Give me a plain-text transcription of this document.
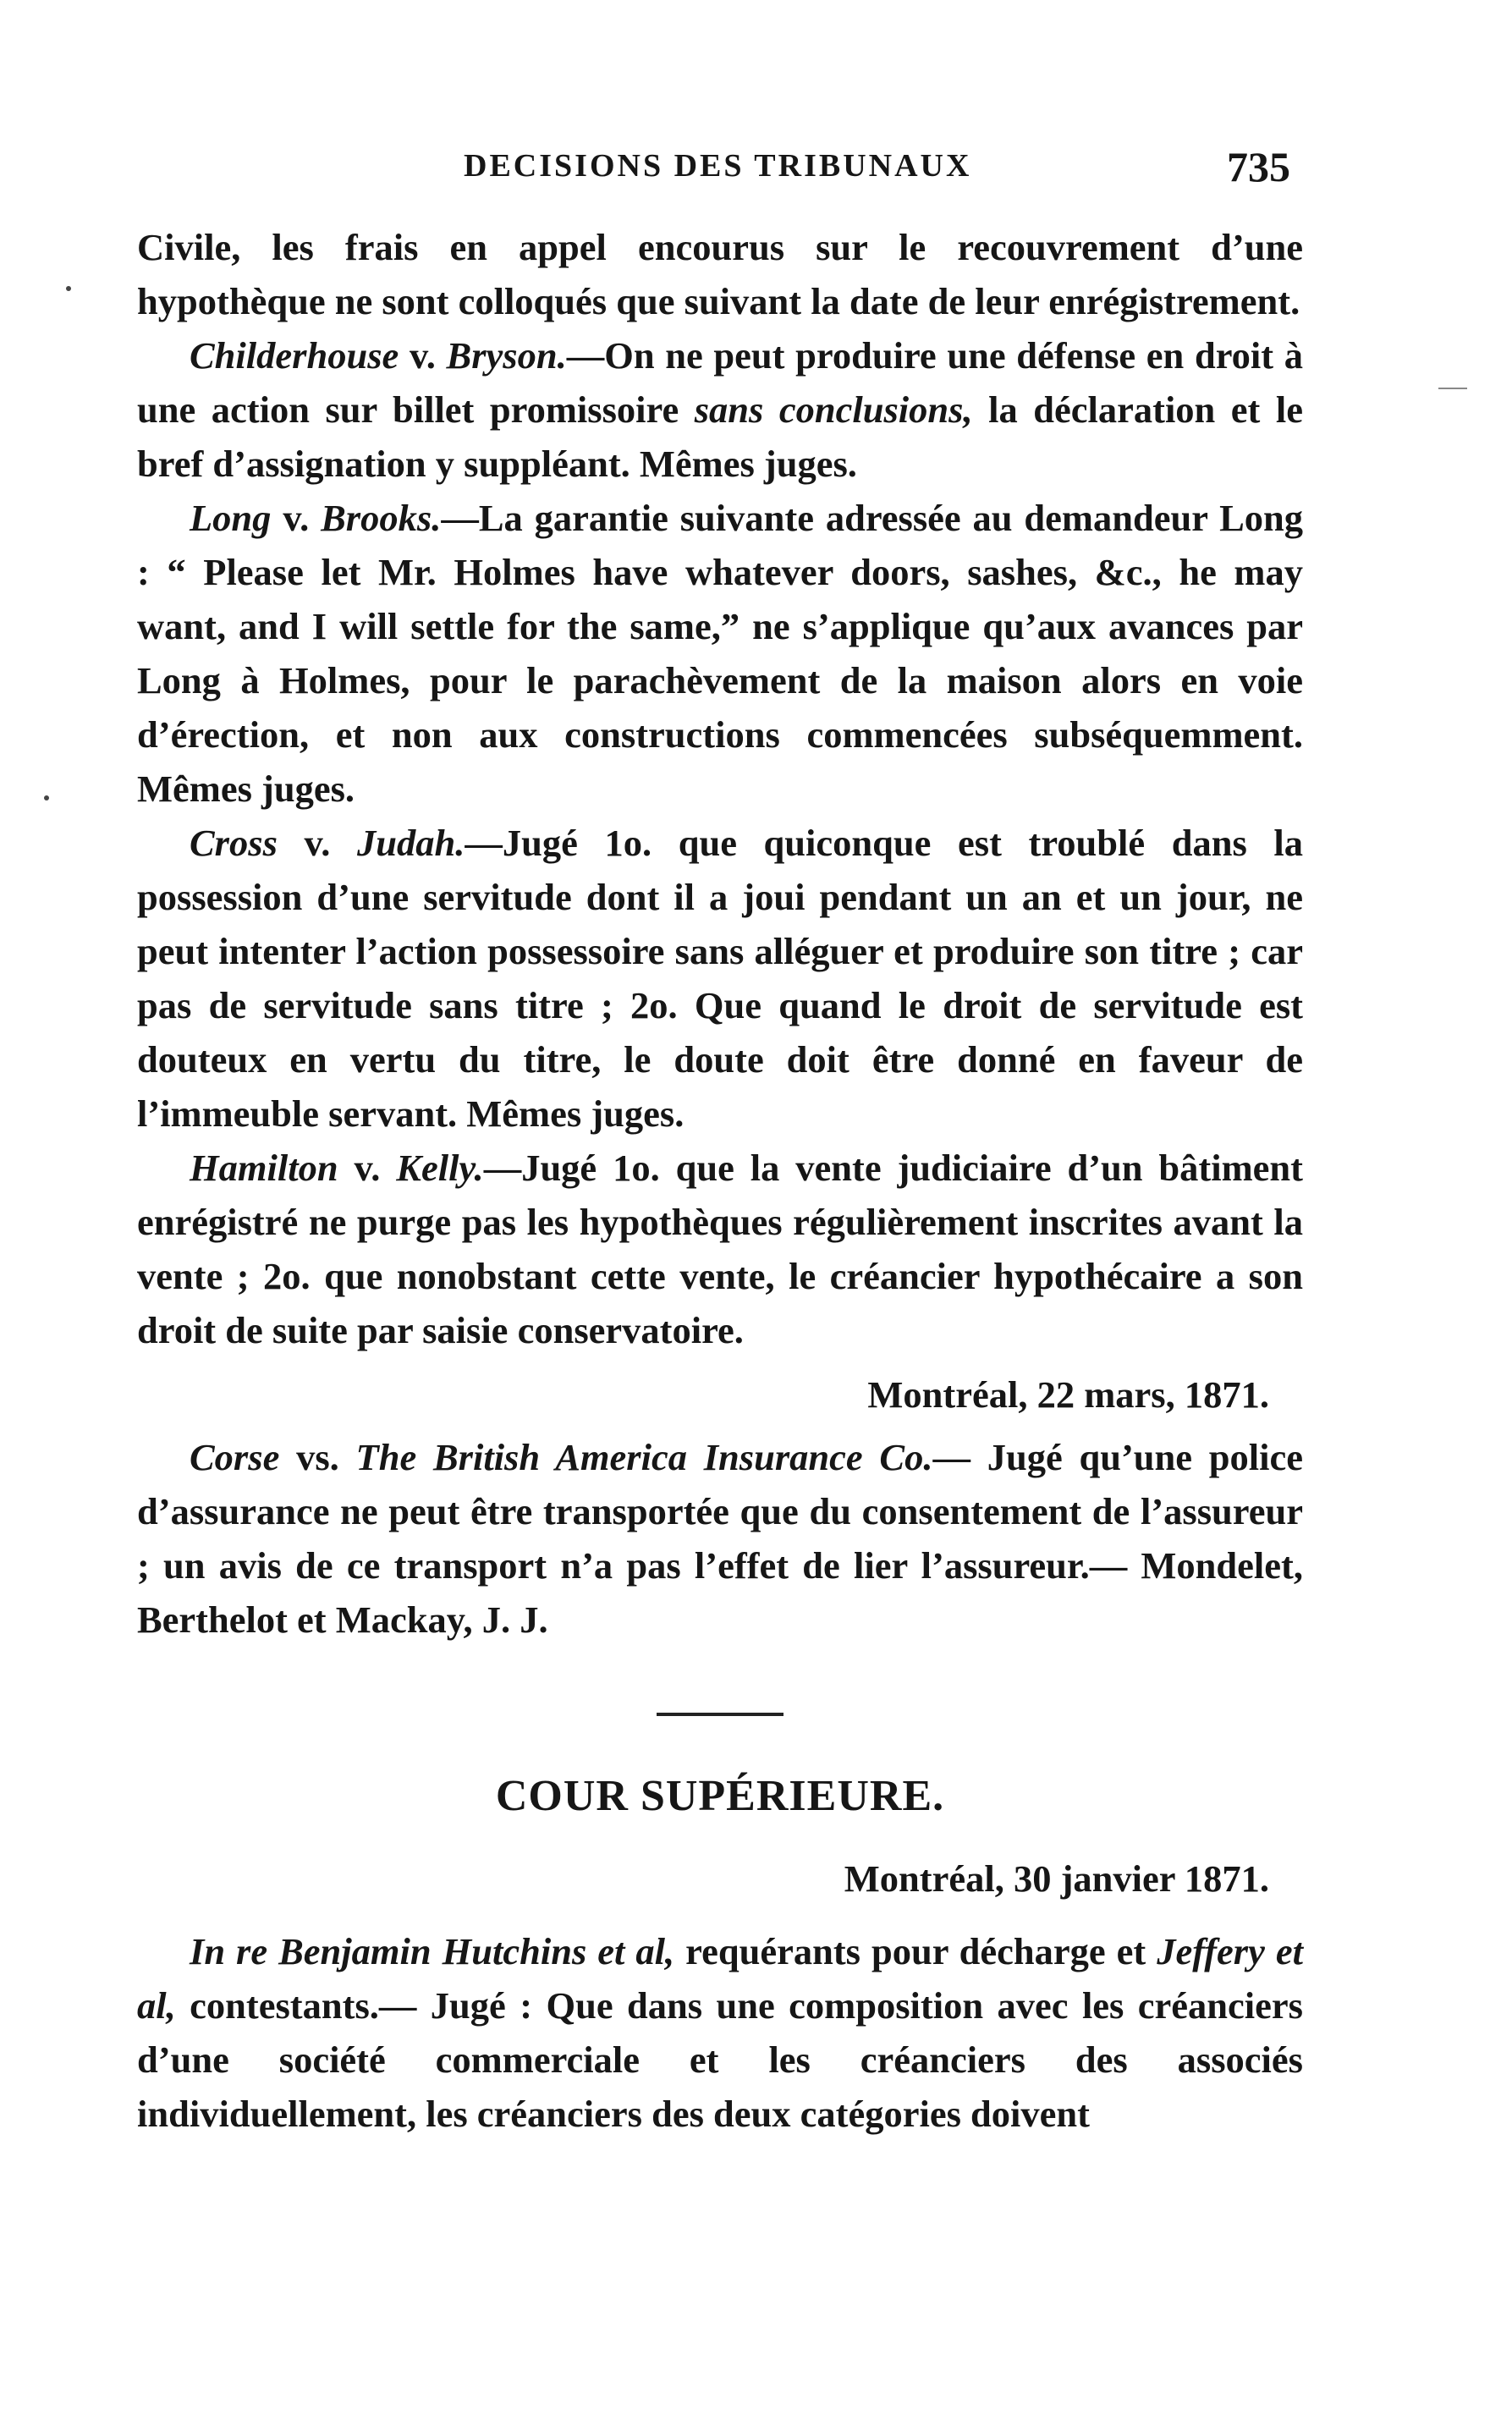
DECISIONS DES TRIBUNAUX	735

Civile, les frais en appel encourus sur le recouvrement d’une hypothèque ne sont colloqués que suivant la date de leur enrégistrement.

Childerhouse v. Bryson.—On ne peut produire une défense en droit à une action sur billet promissoire sans conclusions, la déclaration et le bref d’assignation y suppléant. Mêmes juges.

Long v. Brooks.—La garantie suivante adressée au demandeur Long : “ Please let Mr. Holmes have whatever doors, sashes, &c., he may want, and I will settle for the same,” ne s’applique qu’aux avances par Long à Holmes, pour le parachèvement de la maison alors en voie d’érection, et non aux constructions commencées subséquemment. Mêmes juges.

Cross v. Judah.—Jugé 1o. que quiconque est troublé dans la possession d’une servitude dont il a joui pendant un an et un jour, ne peut intenter l’action possessoire sans alléguer et produire son titre ; car pas de servitude sans titre ; 2o. Que quand le droit de servitude est douteux en vertu du titre, le doute doit être donné en faveur de l’immeuble servant. Mêmes juges.

Hamilton v. Kelly.—Jugé 1o. que la vente judiciaire d’un bâtiment enrégistré ne purge pas les hypothèques régulièrement inscrites avant la vente ; 2o. que nonobstant cette vente, le créancier hypothécaire a son droit de suite par saisie conservatoire.

Montréal, 22 mars, 1871.

Corse vs. The British America Insurance Co.— Jugé qu’une police d’assurance ne peut être transportée que du consentement de l’assureur ; un avis de ce transport n’a pas l’effet de lier l’assureur.— Mondelet, Berthelot et Mackay, J. J.

COUR SUPÉRIEURE.

Montréal, 30 janvier 1871.

In re Benjamin Hutchins et al, requérants pour décharge et Jeffery et al, contestants.— Jugé : Que dans une composition avec les créanciers d’une société commerciale et les créanciers des associés individuellement, les créanciers des deux catégories doivent
